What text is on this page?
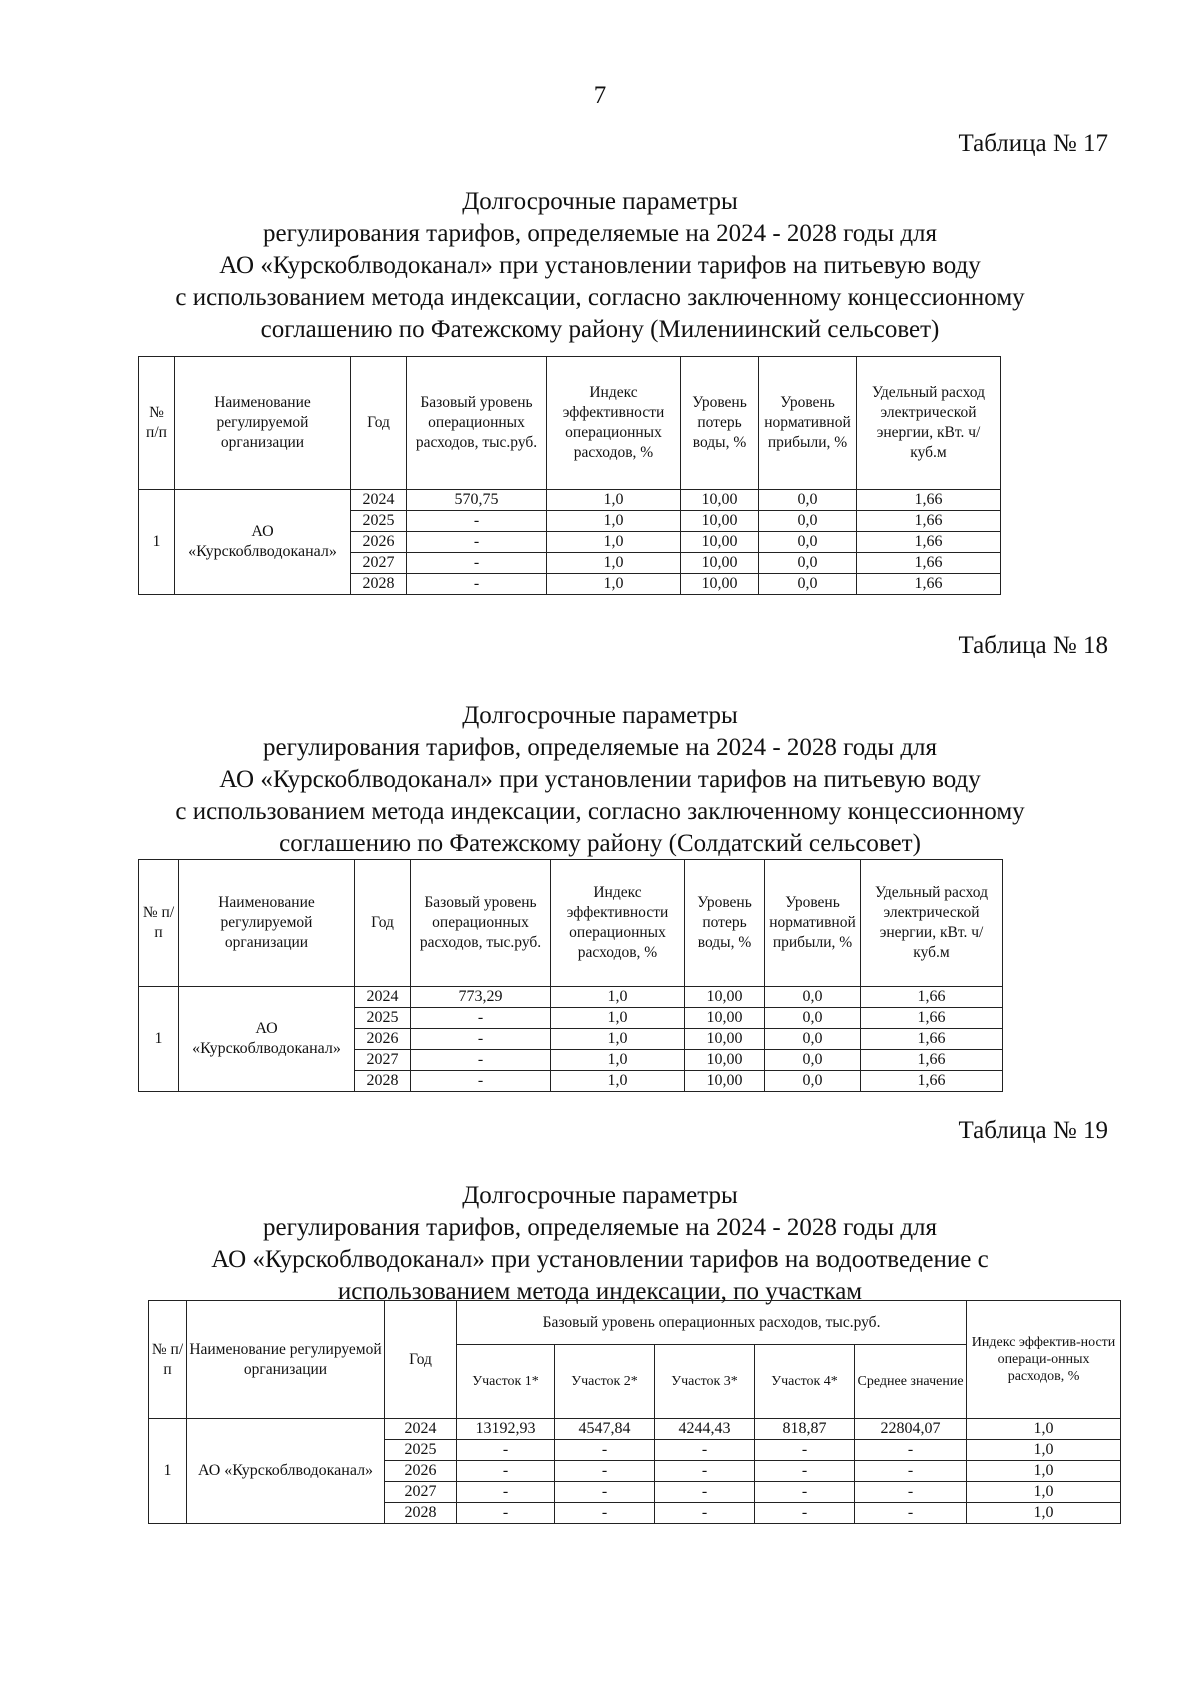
7
Таблица № 17
Долгосрочные параметры
регулирования тарифов, определяемые на 2024 - 2028 годы для
АО «Курскоблводоканал» при установлении тарифов на питьевую воду
с использованием метода индексации, согласно заключенному концессионному
соглашению по Фатежскому району (Милениинский сельсовет)
№ п/п	Наименование регулируемой организации	Год	Базовый уровень операционных расходов, тыс.руб.	Индекс эффективности операционных расходов, %	Уровень потерь воды, %	Уровень нормативной прибыли, %	Удельный расход электрической энергии, кВт. ч/куб.м
1	АО «Курскоблводоканал»	2024	570,75	1,0	10,00	0,0	1,66
		2025	-	1,0	10,00	0,0	1,66
		2026	-	1,0	10,00	0,0	1,66
		2027	-	1,0	10,00	0,0	1,66
		2028	-	1,0	10,00	0,0	1,66
Таблица № 18
Долгосрочные параметры
регулирования тарифов, определяемые на 2024 - 2028 годы для
АО «Курскоблводоканал» при установлении тарифов на питьевую воду
с использованием метода индексации, согласно заключенному концессионному
соглашению по Фатежскому району (Солдатский сельсовет)
№ п/п	Наименование регулируемой организации	Год	Базовый уровень операционных расходов, тыс.руб.	Индекс эффективности операционных расходов, %	Уровень потерь воды, %	Уровень нормативной прибыли, %	Удельный расход электрической энергии, кВт. ч/куб.м
1	АО «Курскоблводоканал»	2024	773,29	1,0	10,00	0,0	1,66
		2025	-	1,0	10,00	0,0	1,66
		2026	-	1,0	10,00	0,0	1,66
		2027	-	1,0	10,00	0,0	1,66
		2028	-	1,0	10,00	0,0	1,66
Таблица № 19
Долгосрочные параметры
регулирования тарифов, определяемые на 2024 - 2028 годы для
АО «Курскоблводоканал» при установлении тарифов на водоотведение с
использованием метода индексации, по участкам
№ п/п	Наименование регулируемой организации	Год	Базовый уровень операционных расходов, тыс.руб.					Индекс эффектив-ности операци-онных расходов, %
			Участок 1*	Участок 2*	Участок 3*	Участок 4*	Среднее значение	
1	АО «Курскоблводоканал»	2024	13192,93	4547,84	4244,43	818,87	22804,07	1,0
		2025	-	-	-	-	-	1,0
		2026	-	-	-	-	-	1,0
		2027	-	-	-	-	-	1,0
		2028	-	-	-	-	-	1,0
